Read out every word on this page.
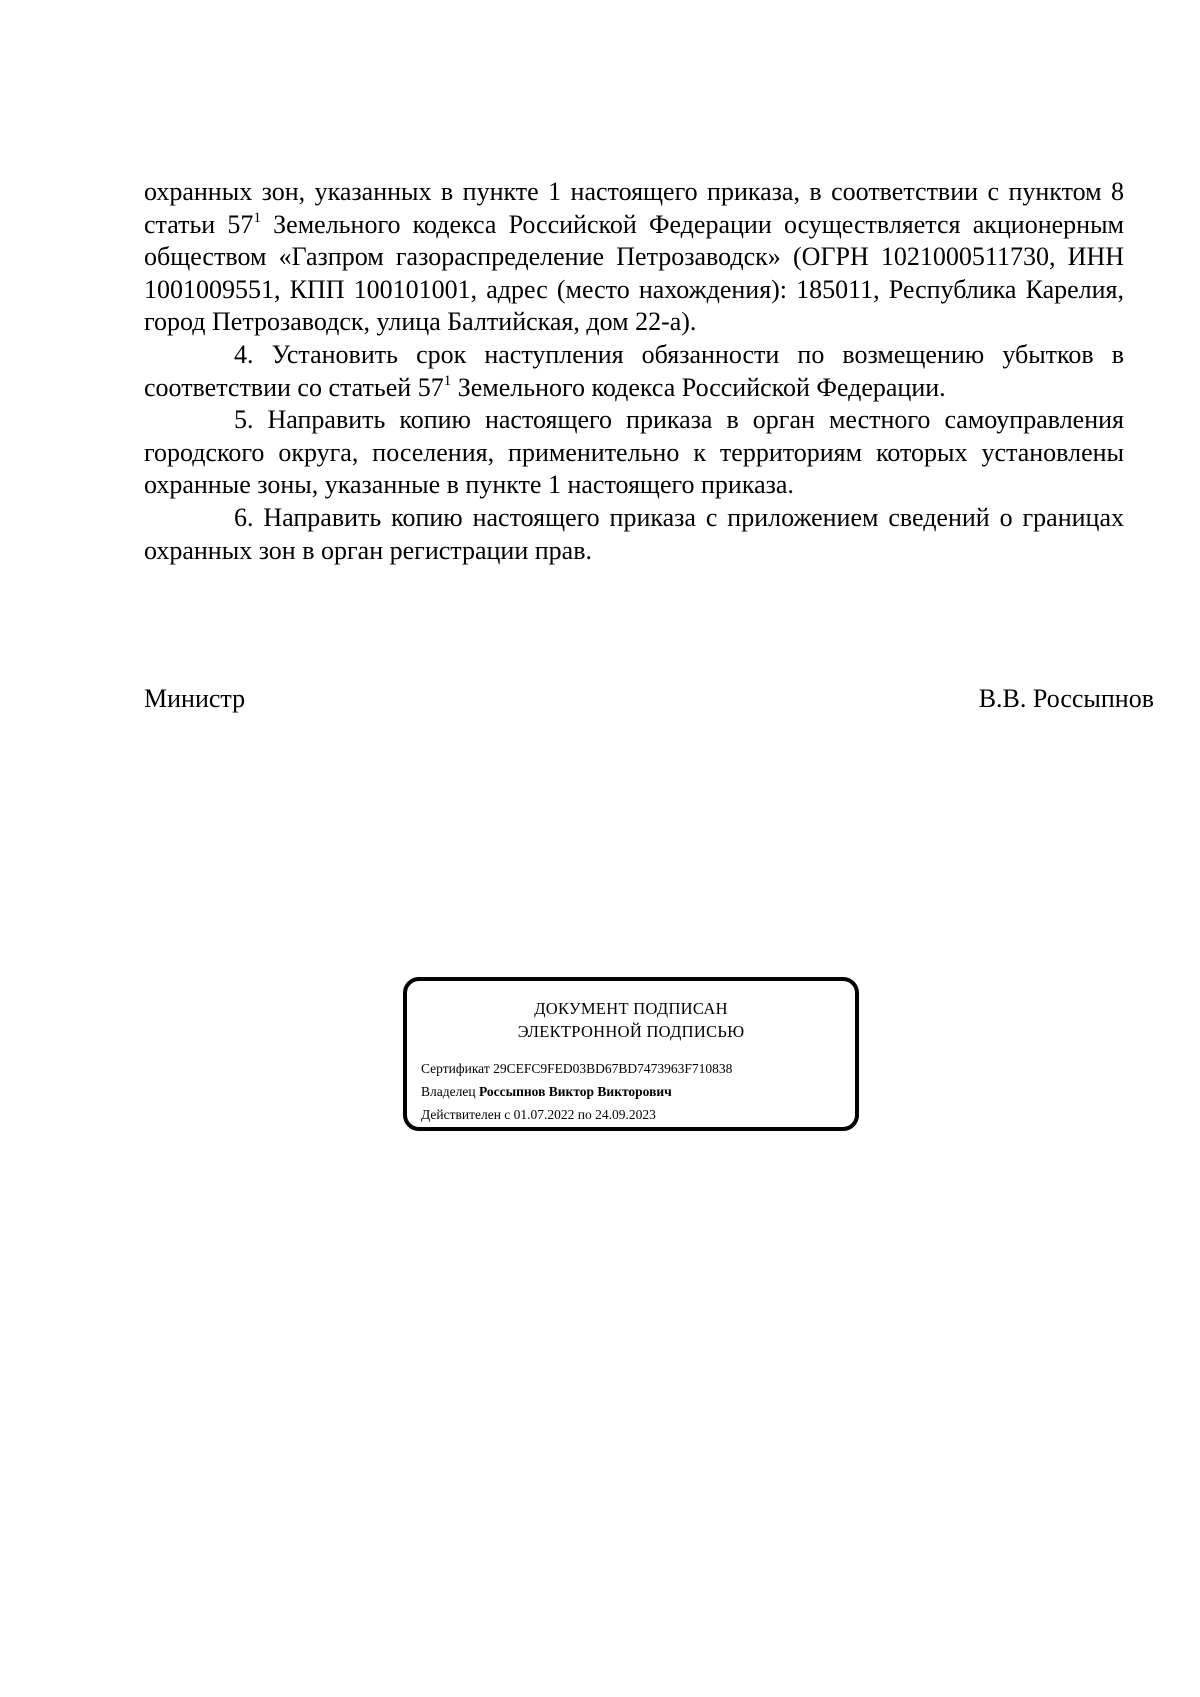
охранных зон, указанных в пункте 1 настоящего приказа, в соответствии с пунктом 8 статьи $57^1$ Земельного кодекса Российской Федерации осуществляется акционерным обществом «Газпром газораспределение Петрозаводск» (ОГРН 1021000511730, ИНН 1001009551, КПП 100101001, адрес (место нахождения): 185011, Республика Карелия, город Петрозаводск, улица Балтийская, дом 22-а).

4. Установить срок наступления обязанности по возмещению убытков в соответствии со статьей $57^1$ Земельного кодекса Российской Федерации.

5. Направить копию настоящего приказа в орган местного самоуправления городского округа, поселения, применительно к территориям которых установлены охранные зоны, указанные в пункте 1 настоящего приказа.

6. Направить копию настоящего приказа с приложением сведений о границах охранных зон в орган регистрации прав.

Министр	В.В. Россыпнов
ДОКУМЕНТ ПОДПИСАН
ЭЛЕКТРОННОЙ ПОДПИСЬЮ
Сертификат 29CEFC9FED03BD67BD7473963F710838
Владелец Россыпнов Виктор Викторович
Действителен с 01.07.2022 по 24.09.2023
